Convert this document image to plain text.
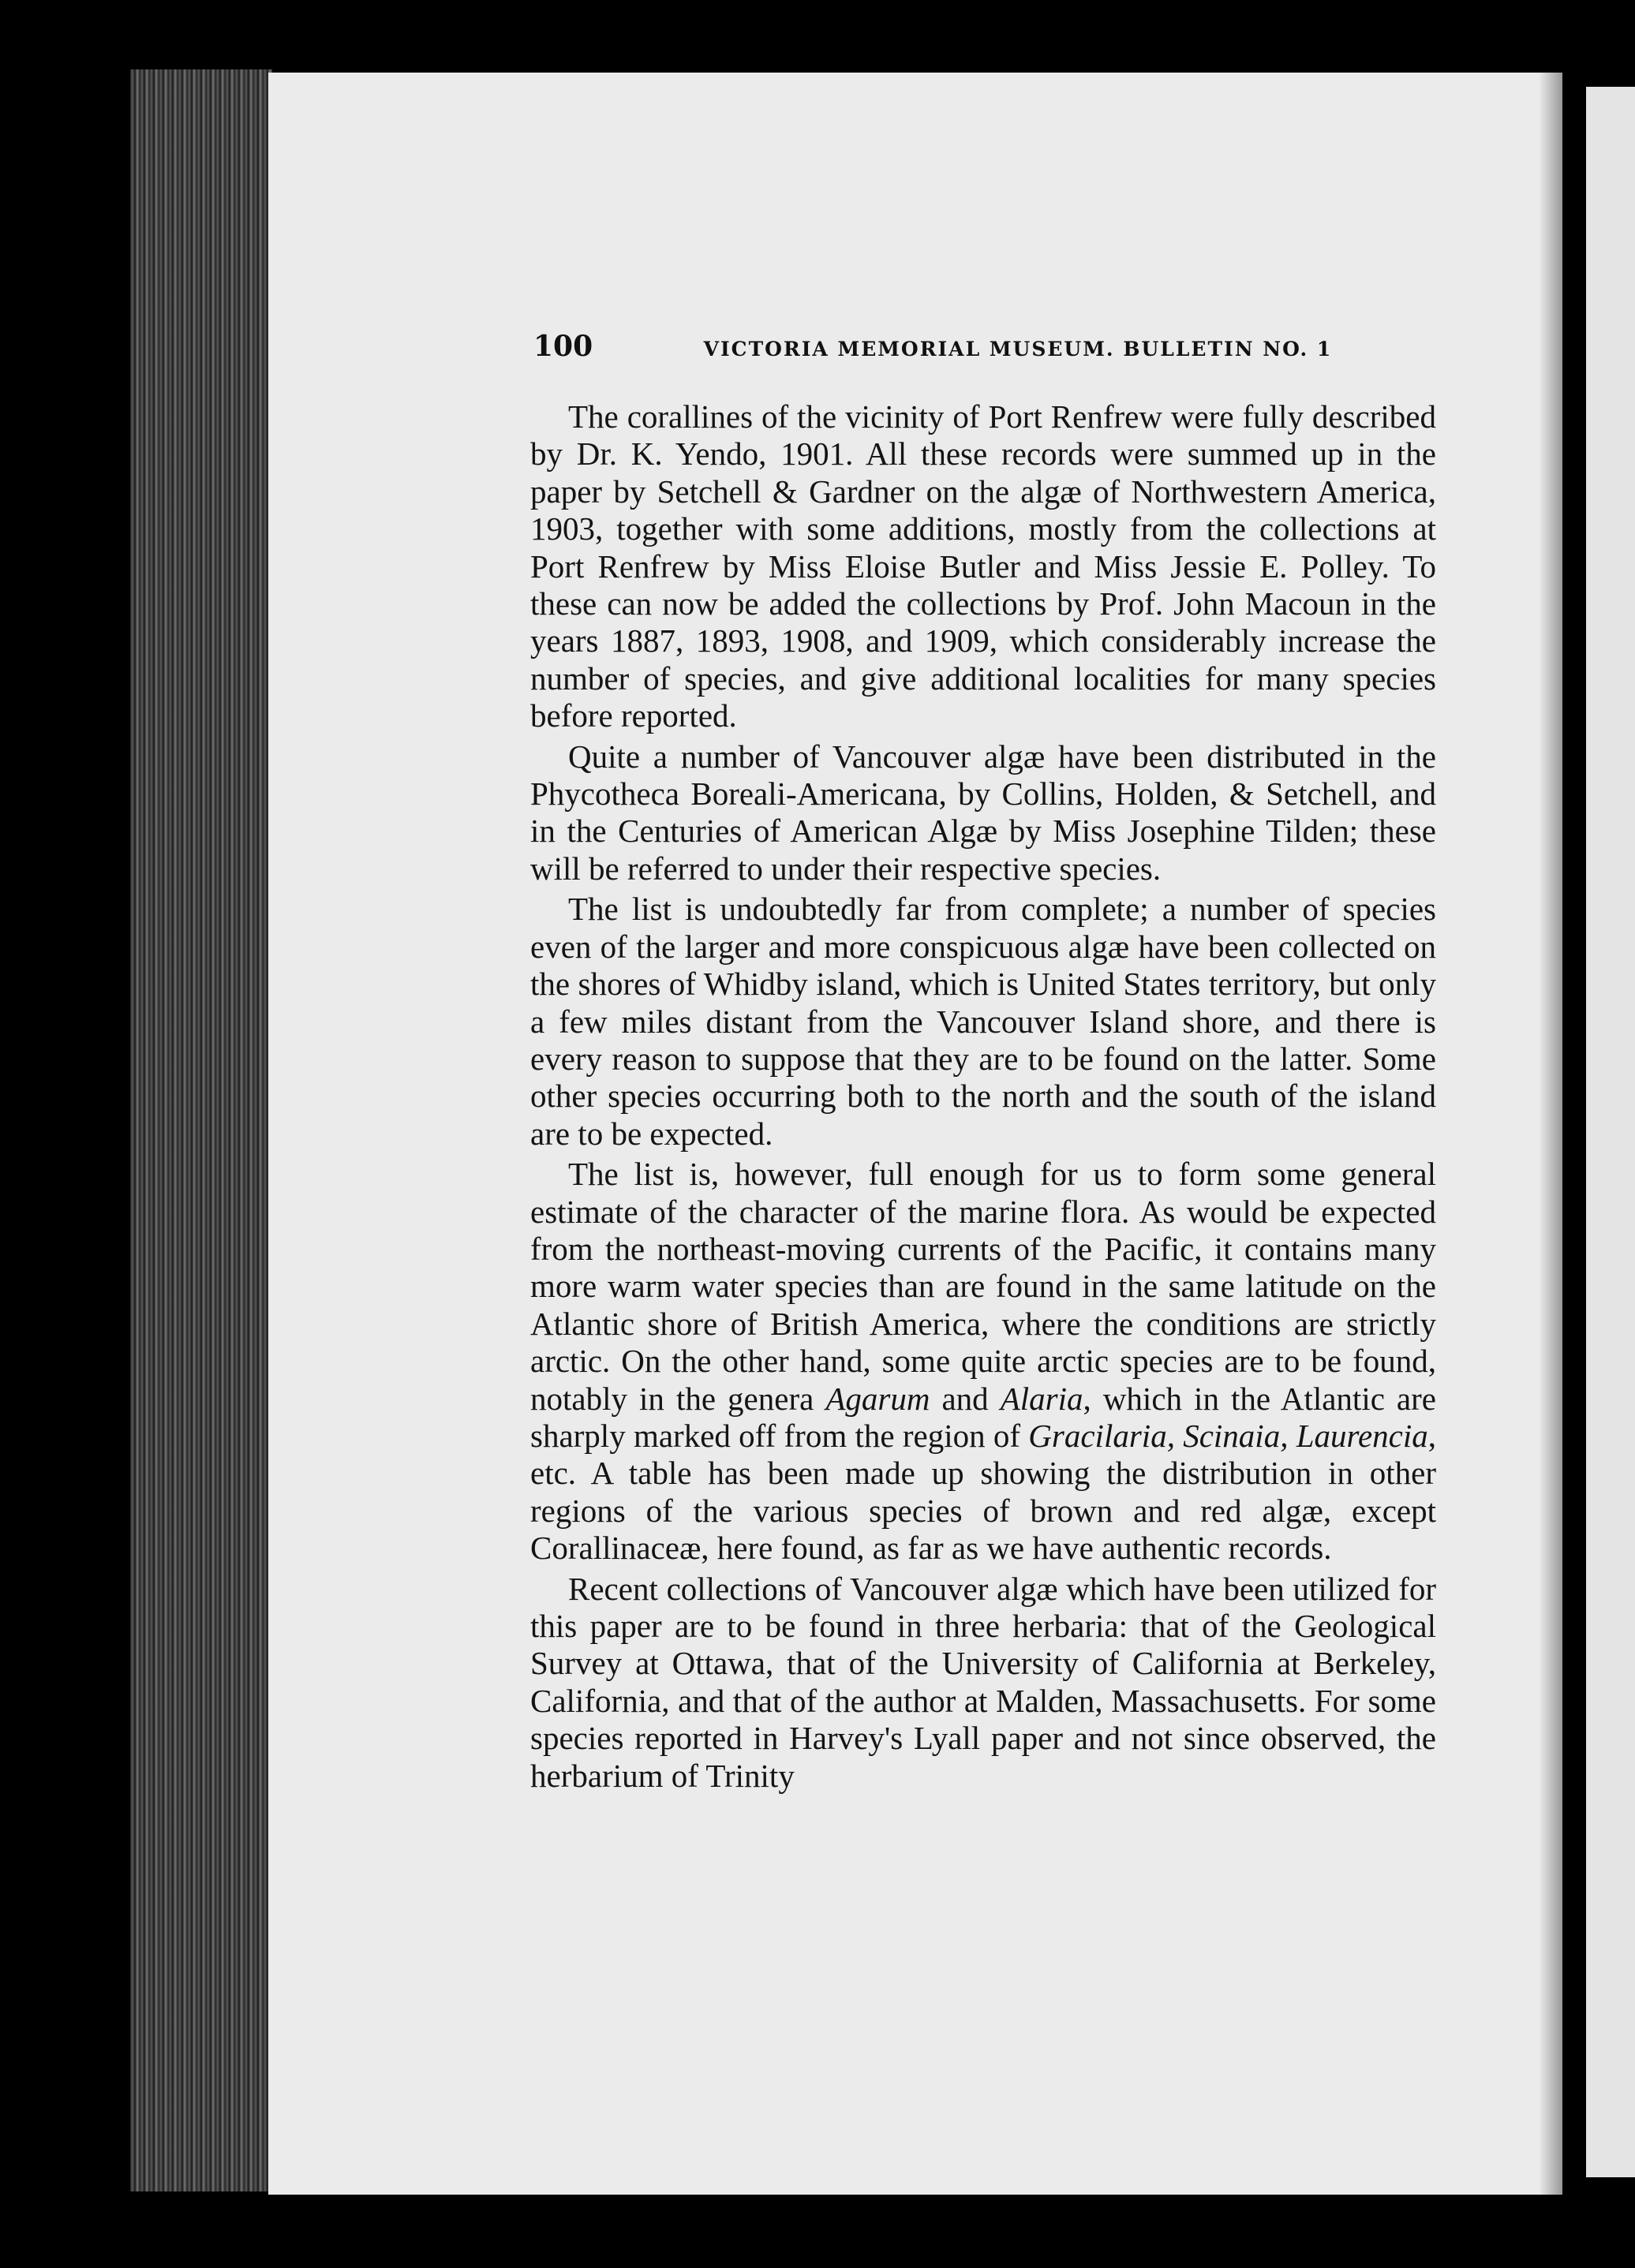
100	VICTORIA MEMORIAL MUSEUM. BULLETIN NO. 1

The corallines of the vicinity of Port Renfrew were fully described by Dr. K. Yendo, 1901. All these records were summed up in the paper by Setchell & Gardner on the algæ of Northwestern America, 1903, together with some additions, mostly from the collections at Port Renfrew by Miss Eloise Butler and Miss Jessie E. Polley. To these can now be added the collections by Prof. John Macoun in the years 1887, 1893, 1908, and 1909, which considerably increase the number of species, and give additional localities for many species before reported.

Quite a number of Vancouver algæ have been distributed in the Phycotheca Boreali-Americana, by Collins, Holden, & Setchell, and in the Centuries of American Algæ by Miss Josephine Tilden; these will be referred to under their respective species.

The list is undoubtedly far from complete; a number of species even of the larger and more conspicuous algæ have been collected on the shores of Whidby island, which is United States territory, but only a few miles distant from the Vancouver Island shore, and there is every reason to suppose that they are to be found on the latter. Some other species occurring both to the north and the south of the island are to be expected.

The list is, however, full enough for us to form some general estimate of the character of the marine flora. As would be expected from the northeast-moving currents of the Pacific, it contains many more warm water species than are found in the same latitude on the Atlantic shore of British America, where the conditions are strictly arctic. On the other hand, some quite arctic species are to be found, notably in the genera Agarum and Alaria, which in the Atlantic are sharply marked off from the region of Gracilaria, Scinaia, Laurencia, etc. A table has been made up showing the distribution in other regions of the various species of brown and red algæ, except Corallinaceæ, here found, as far as we have authentic records.

Recent collections of Vancouver algæ which have been utilized for this paper are to be found in three herbaria: that of the Geological Survey at Ottawa, that of the University of California at Berkeley, California, and that of the author at Malden, Massachusetts. For some species reported in Harvey's Lyall paper and not since observed, the herbarium of Trinity
